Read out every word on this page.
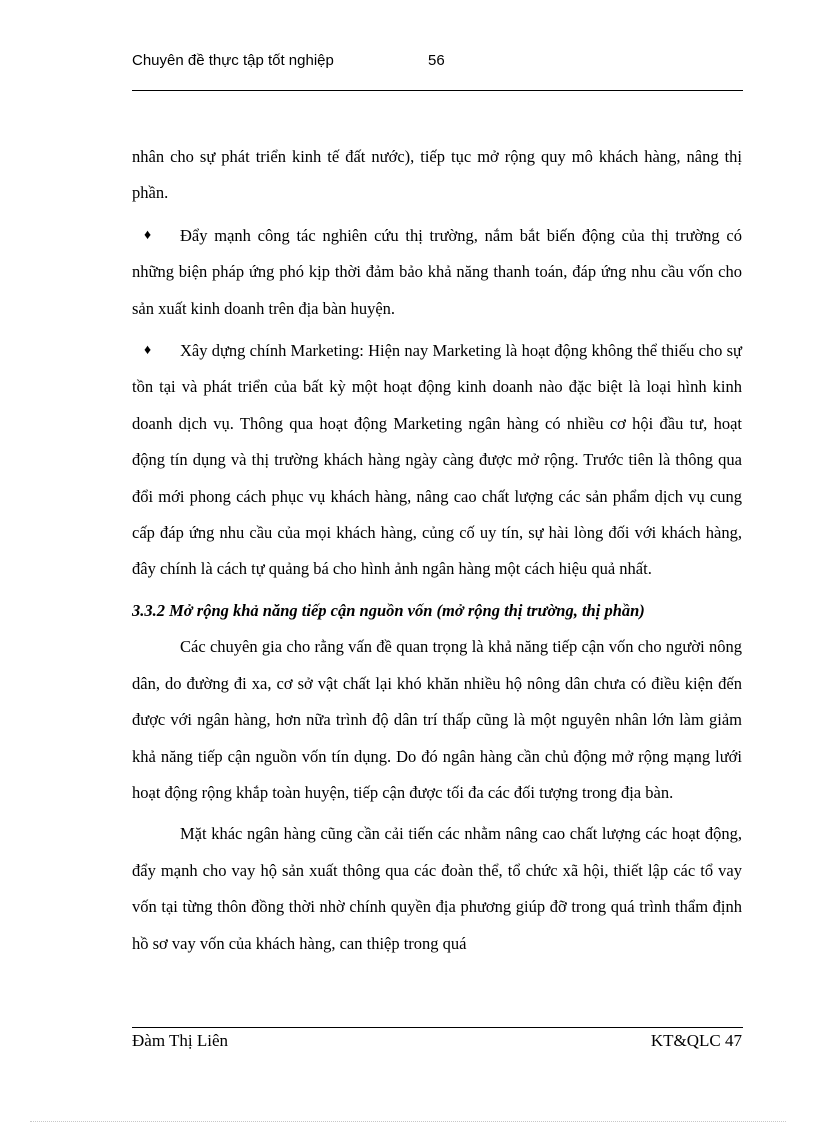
Chuyên đề thực tập tốt nghiệp	56

nhân cho sự phát triển kinh tế đất nước), tiếp tục mở rộng quy mô khách hàng, nâng thị phần.

♦ Đẩy mạnh công tác nghiên cứu thị trường, nắm bắt biến động của thị trường có những biện pháp ứng phó kịp thời đảm bảo khả năng thanh toán, đáp ứng nhu cầu vốn cho sản xuất kinh doanh trên địa bàn huyện.

♦ Xây dựng chính Marketing: Hiện nay Marketing là hoạt động không thể thiếu cho sự tồn tại và phát triển của bất kỳ một hoạt động kinh doanh nào đặc biệt là loại hình kinh doanh dịch vụ. Thông qua hoạt động Marketing ngân hàng có nhiều cơ hội đầu tư, hoạt động tín dụng và thị trường khách hàng ngày càng được mở rộng. Trước tiên là thông qua đổi mới phong cách phục vụ khách hàng, nâng cao chất lượng các sản phẩm dịch vụ cung cấp đáp ứng nhu cầu của mọi khách hàng, củng cố uy tín, sự hài lòng đối với khách hàng, đây chính là cách tự quảng bá cho hình ảnh ngân hàng một cách hiệu quả nhất.

3.3.2 Mở rộng khả năng tiếp cận nguồn vốn (mở rộng thị trường, thị phần)

Các chuyên gia cho rằng vấn đề quan trọng là khả năng tiếp cận vốn cho người nông dân, do đường đi xa, cơ sở vật chất lại khó khăn nhiều hộ nông dân chưa có điều kiện đến được với ngân hàng, hơn nữa trình độ dân trí thấp cũng là một nguyên nhân lớn làm giảm khả năng tiếp cận nguồn vốn tín dụng. Do đó ngân hàng cần chủ động mở rộng mạng lưới hoạt động rộng khắp toàn huyện, tiếp cận được tối đa các đối tượng trong địa bàn.

Mặt khác ngân hàng cũng cần cải tiến các nhằm nâng cao chất lượng các hoạt động, đẩy mạnh cho vay hộ sản xuất thông qua các đoàn thể, tổ chức xã hội, thiết lập các tổ vay vốn tại từng thôn đồng thời nhờ chính quyền địa phương giúp đỡ trong quá trình thẩm định hồ sơ vay vốn của khách hàng, can thiệp trong quá

Đàm Thị Liên	KT&QLC 47
